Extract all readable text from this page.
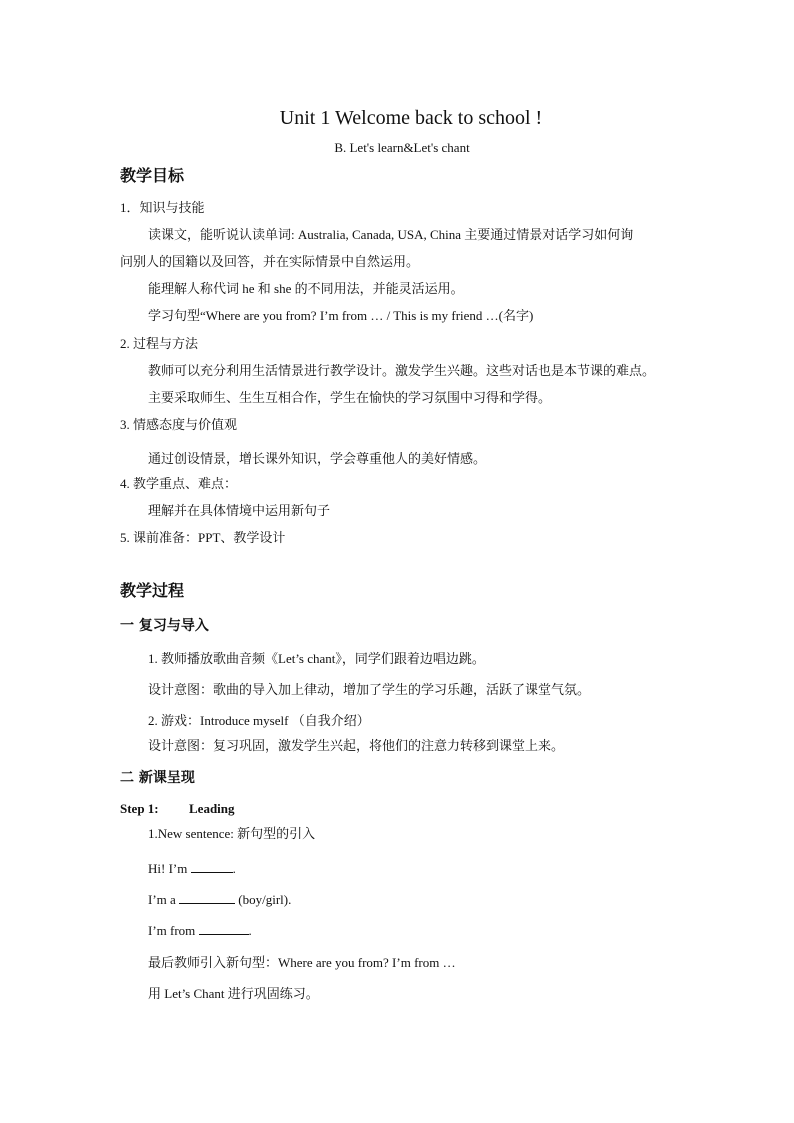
Unit 1 Welcome back to school !
B. Let's learn&Let's chant
教学目标
1．知识与技能
读课文，能听说认读单词: Australia, Canada, USA, China 主要通过情景对话学习如何询
问别人的国籍以及回答，并在实际情景中自然运用。
能理解人称代词 he 和 she 的不同用法，并能灵活运用。
学习句型“Where are you from? I’m from … / This is my friend …(名字)
2. 过程与方法
教师可以充分利用生活情景进行教学设计。激发学生兴趣。这些对话也是本节课的难点。
主要采取师生、生生互相合作，学生在愉快的学习氛围中习得和学得。
3. 情感态度与价值观
通过创设情景，增长课外知识，学会尊重他人的美好情感。
4. 教学重点、难点：
理解并在具体情境中运用新句子
5. 课前准备：PPT、教学设计
教学过程
一 复习与导入
1. 教师播放歌曲音频《Let’s chant》，同学们跟着边唱边跳。
设计意图：歌曲的导入加上律动，增加了学生的学习乐趣，活跃了课堂气氛。
2. 游戏：Introduce myself （自我介绍）
设计意图：复习巩固，激发学生兴起，将他们的注意力转移到课堂上来。
二 新课呈现
Step 1: Leading
1.New sentence: 新句型的引入
Hi! I’m	.
I’m a	(boy/girl).
I’m from	.
最后教师引入新句型：Where are you from? I’m from …
用 Let’s Chant 进行巩固练习。
